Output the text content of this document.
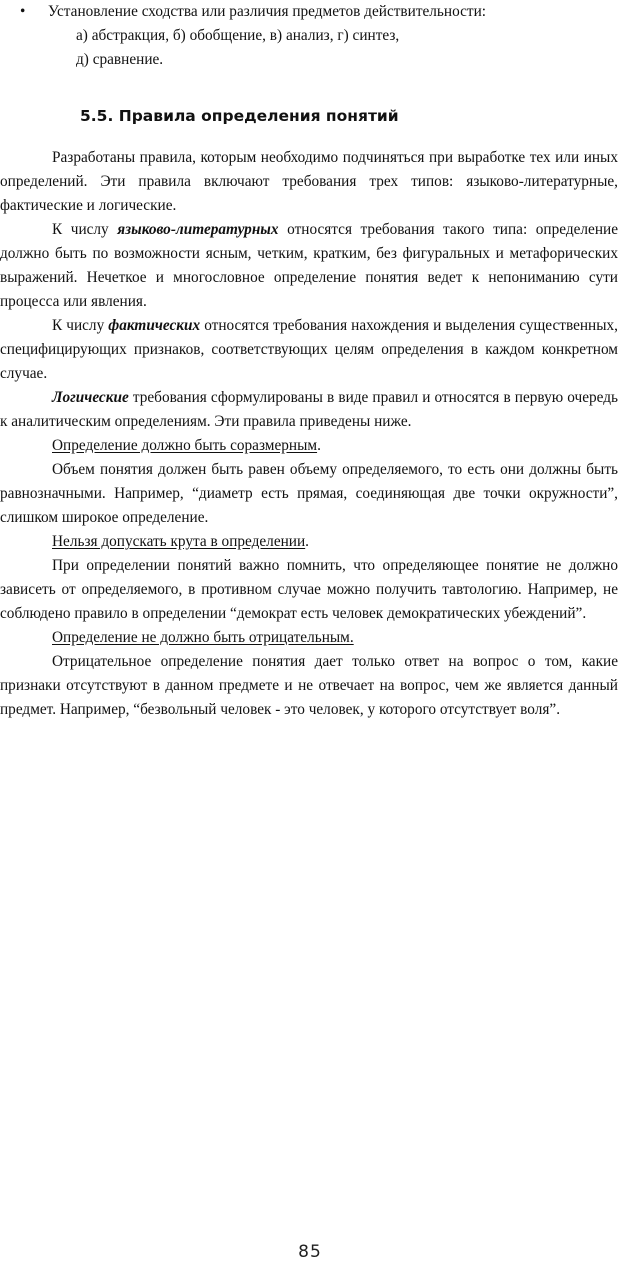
• Установление сходства или различия предметов действительности:
а) абстракция, б) обобщение, в) анализ, г) синтез,
д) сравнение.
5.5. Правила определения понятий

Разработаны правила, которым необходимо подчиняться при выработке тех или иных определений. Эти правила включают требования трех типов: языково-литературные, фактические и логические.

К числу языково-литературных относятся требования такого типа: определение должно быть по возможности ясным, четким, кратким, без фигуральных и метафорических выражений. Нечеткое и многословное определение понятия ведет к непониманию сути процесса или явления.

К числу фактических относятся требования нахождения и выделения существенных, специфицирующих признаков, соответствующих целям определения в каждом конкретном случае.

Логические требования сформулированы в виде правил и относятся в первую очередь к аналитическим определениям. Эти правила приведены ниже.

Определение должно быть соразмерным.

Объем понятия должен быть равен объему определяемого, то есть они должны быть равнозначными. Например, “диаметр есть прямая, соединяющая две точки окружности”, слишком широкое определение.

Нельзя допускать крута в определении.

При определении понятий важно помнить, что определяющее понятие не должно зависеть от определяемого, в противном случае можно получить тавтологию. Например, не соблюдено правило в определении “демократ есть человек демократических убеждений”.

Определение не должно быть отрицательным.

Отрицательное определение понятия дает только ответ на вопрос о том, какие признаки отсутствуют в данном предмете и не отвечает на вопрос, чем же является данный предмет. Например, “безвольный человек - это человек, у которого отсутствует воля”.

85
